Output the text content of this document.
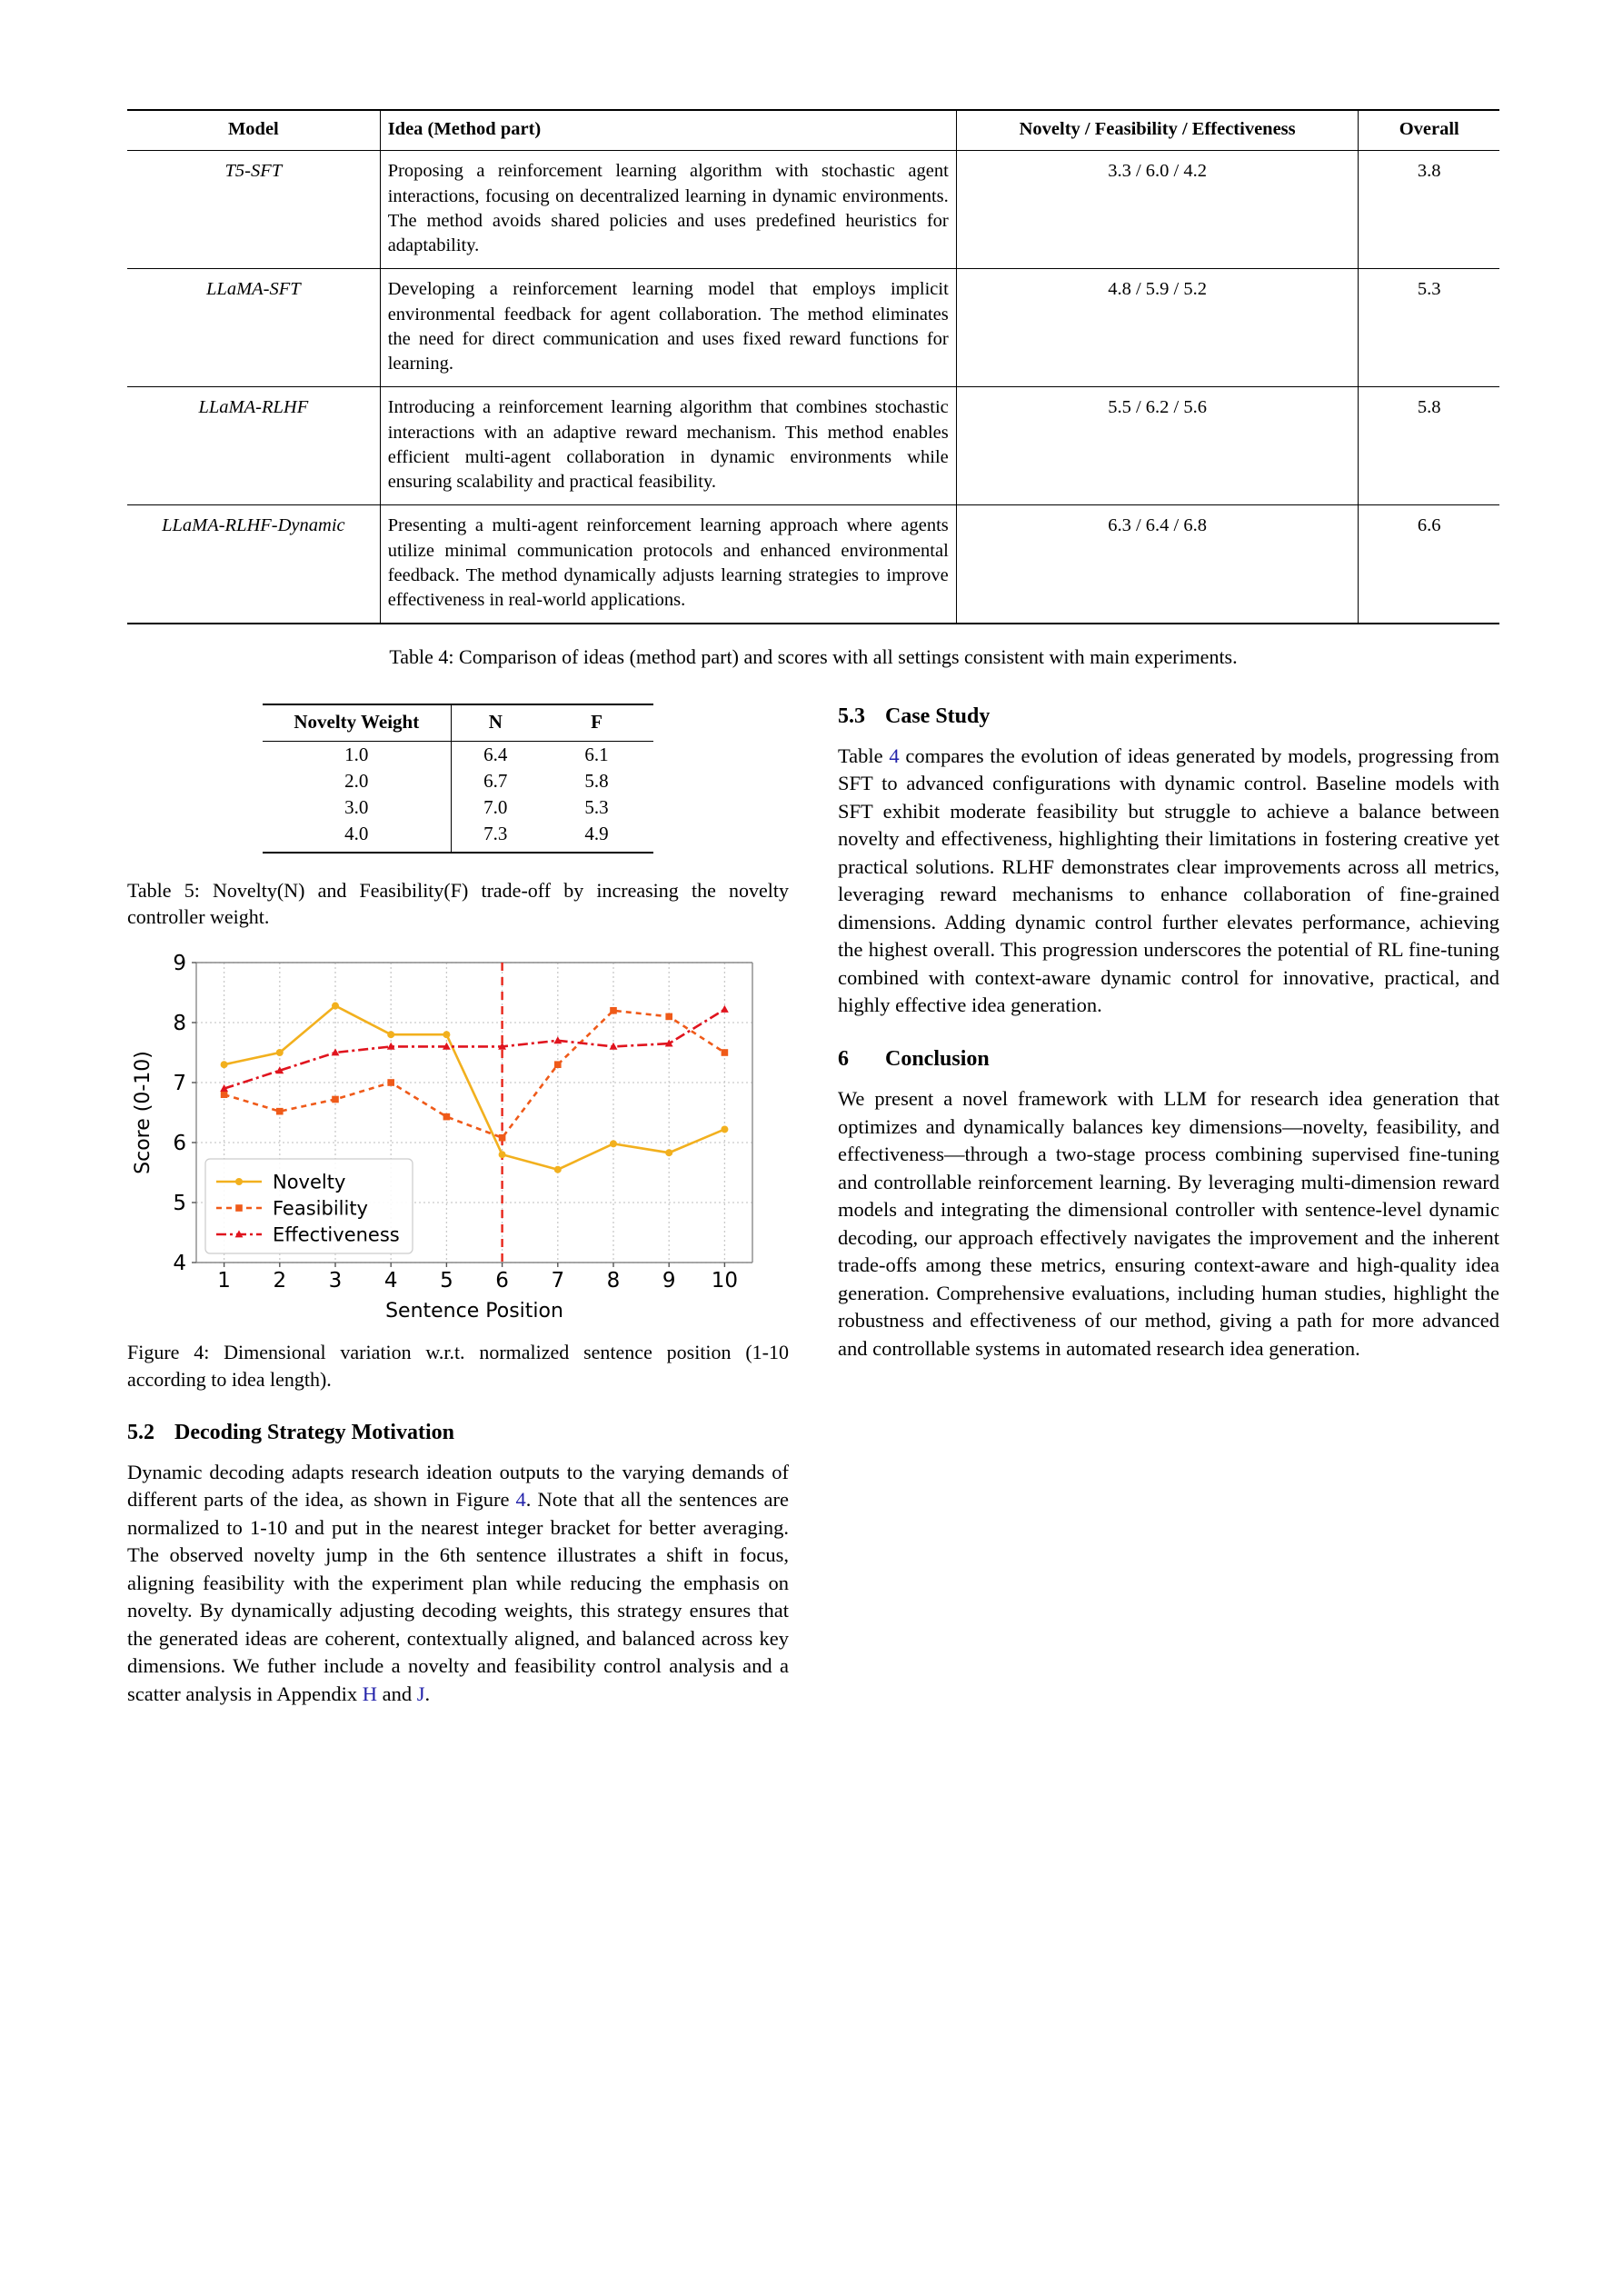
Model	Idea (Method part)	Novelty / Feasibility / Effectiveness	Overall
T5-SFT	Proposing a reinforcement learning algorithm with stochastic agent interactions, focusing on decentralized learning in dynamic environments. The method avoids shared policies and uses predefined heuristics for adaptability.	3.3 / 6.0 / 4.2	3.8
LLaMA-SFT	Developing a reinforcement learning model that employs implicit environmental feedback for agent collaboration. The method eliminates the need for direct communication and uses fixed reward functions for learning.	4.8 / 5.9 / 5.2	5.3
LLaMA-RLHF	Introducing a reinforcement learning algorithm that combines stochastic interactions with an adaptive reward mechanism. This method enables efficient multi-agent collaboration in dynamic environments while ensuring scalability and practical feasibility.	5.5 / 6.2 / 5.6	5.8
LLaMA-RLHF-Dynamic	Presenting a multi-agent reinforcement learning approach where agents utilize minimal communication protocols and enhanced environmental feedback. The method dynamically adjusts learning strategies to improve effectiveness in real-world applications.	6.3 / 6.4 / 6.8	6.6
Table 4: Comparison of ideas (method part) and scores with all settings consistent with main experiments.
Novelty Weight	N	F
1.0	6.4	6.1
2.0	6.7	5.8
3.0	7.0	5.3
4.0	7.3	4.9
Table 5: Novelty(N) and Feasibility(F) trade-off by increasing the novelty controller weight.
4
5
6
7
8
9
1 2 3 4 5 6 7 8 9 10
Sentence Position
Score (0-10)
Novelty
Feasibility
Effectiveness
Figure 4: Dimensional variation w.r.t. normalized sentence position (1-10 according to idea length).
5.2 Decoding Strategy Motivation

Dynamic decoding adapts research ideation outputs to the varying demands of different parts of the idea, as shown in Figure 4. Note that all the sentences are normalized to 1-10 and put in the nearest integer bracket for better averaging. The observed novelty jump in the 6th sentence illustrates a shift in focus, aligning feasibility with the experiment plan while reducing the emphasis on novelty. By dynamically adjusting decoding weights, this strategy ensures that the generated ideas are coherent, contextually aligned, and balanced across key dimensions. We futher include a novelty and feasibility control analysis and a scatter analysis in Appendix H and J.

5.3 Case Study

Table 4 compares the evolution of ideas generated by models, progressing from SFT to advanced configurations with dynamic control. Baseline models with SFT exhibit moderate feasibility but struggle to achieve a balance between novelty and effectiveness, highlighting their limitations in fostering creative yet practical solutions. RLHF demonstrates clear improvements across all metrics, leveraging reward mechanisms to enhance collaboration of fine-grained dimensions. Adding dynamic control further elevates performance, achieving the highest overall. This progression underscores the potential of RL fine-tuning combined with context-aware dynamic control for innovative, practical, and highly effective idea generation.

6 Conclusion

We present a novel framework with LLM for research idea generation that optimizes and dynamically balances key dimensions—novelty, feasibility, and effectiveness—through a two-stage process combining supervised fine-tuning and controllable reinforcement learning. By leveraging multi-dimension reward models and integrating the dimensional controller with sentence-level dynamic decoding, our approach effectively navigates the improvement and the inherent trade-offs among these metrics, ensuring context-aware and high-quality idea generation. Comprehensive evaluations, including human studies, highlight the robustness and effectiveness of our method, giving a path for more advanced and controllable systems in automated research idea generation.
